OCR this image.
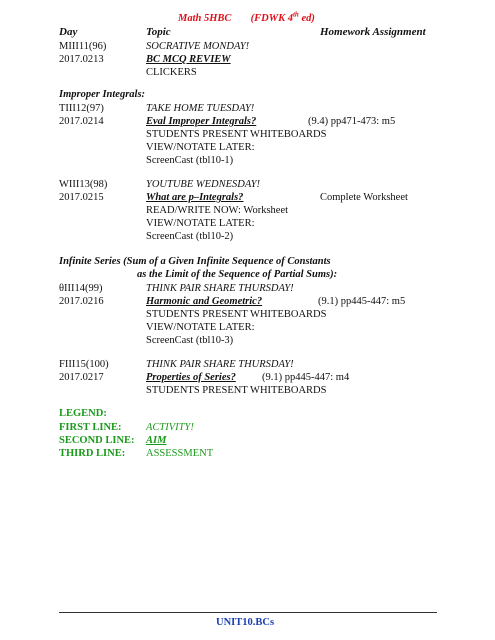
Math 5HBC (FDWK 4th ed)
Day	Topic	Homework Assignment
MIII11(96)	SOCRATIVE MONDAY!
2017.0213	BC MCQ REVIEW
CLICKERS
Improper Integrals:
TIII12(97)	TAKE HOME TUESDAY!
2017.0214	Eval Improper Integrals?	(9.4) pp471-473: m5
STUDENTS PRESENT WHITEBOARDS
VIEW/NOTATE LATER:
ScreenCast (tbl10-1)
WIII13(98)	YOUTUBE WEDNESDAY!
2017.0215	What are p–Integrals?	Complete Worksheet
READ/WRITE NOW: Worksheet
VIEW/NOTATE LATER:
ScreenCast (tbl10-2)
Infinite Series (Sum of a Given Infinite Sequence of Constants
as the Limit of the Sequence of Partial Sums):
θIII14(99)	THINK PAIR SHARE THURSDAY!
2017.0216	Harmonic and Geometric?	(9.1) pp445-447: m5
STUDENTS PRESENT WHITEBOARDS
VIEW/NOTATE LATER:
ScreenCast (tbl10-3)
FIII15(100)	THINK PAIR SHARE THURSDAY!
2017.0217	Properties of Series? (9.1) pp445-447: m4
STUDENTS PRESENT WHITEBOARDS
LEGEND:
FIRST LINE: ACTIVITY!
SECOND LINE: AIM
THIRD LINE: ASSESSMENT
UNIT10.BCs
